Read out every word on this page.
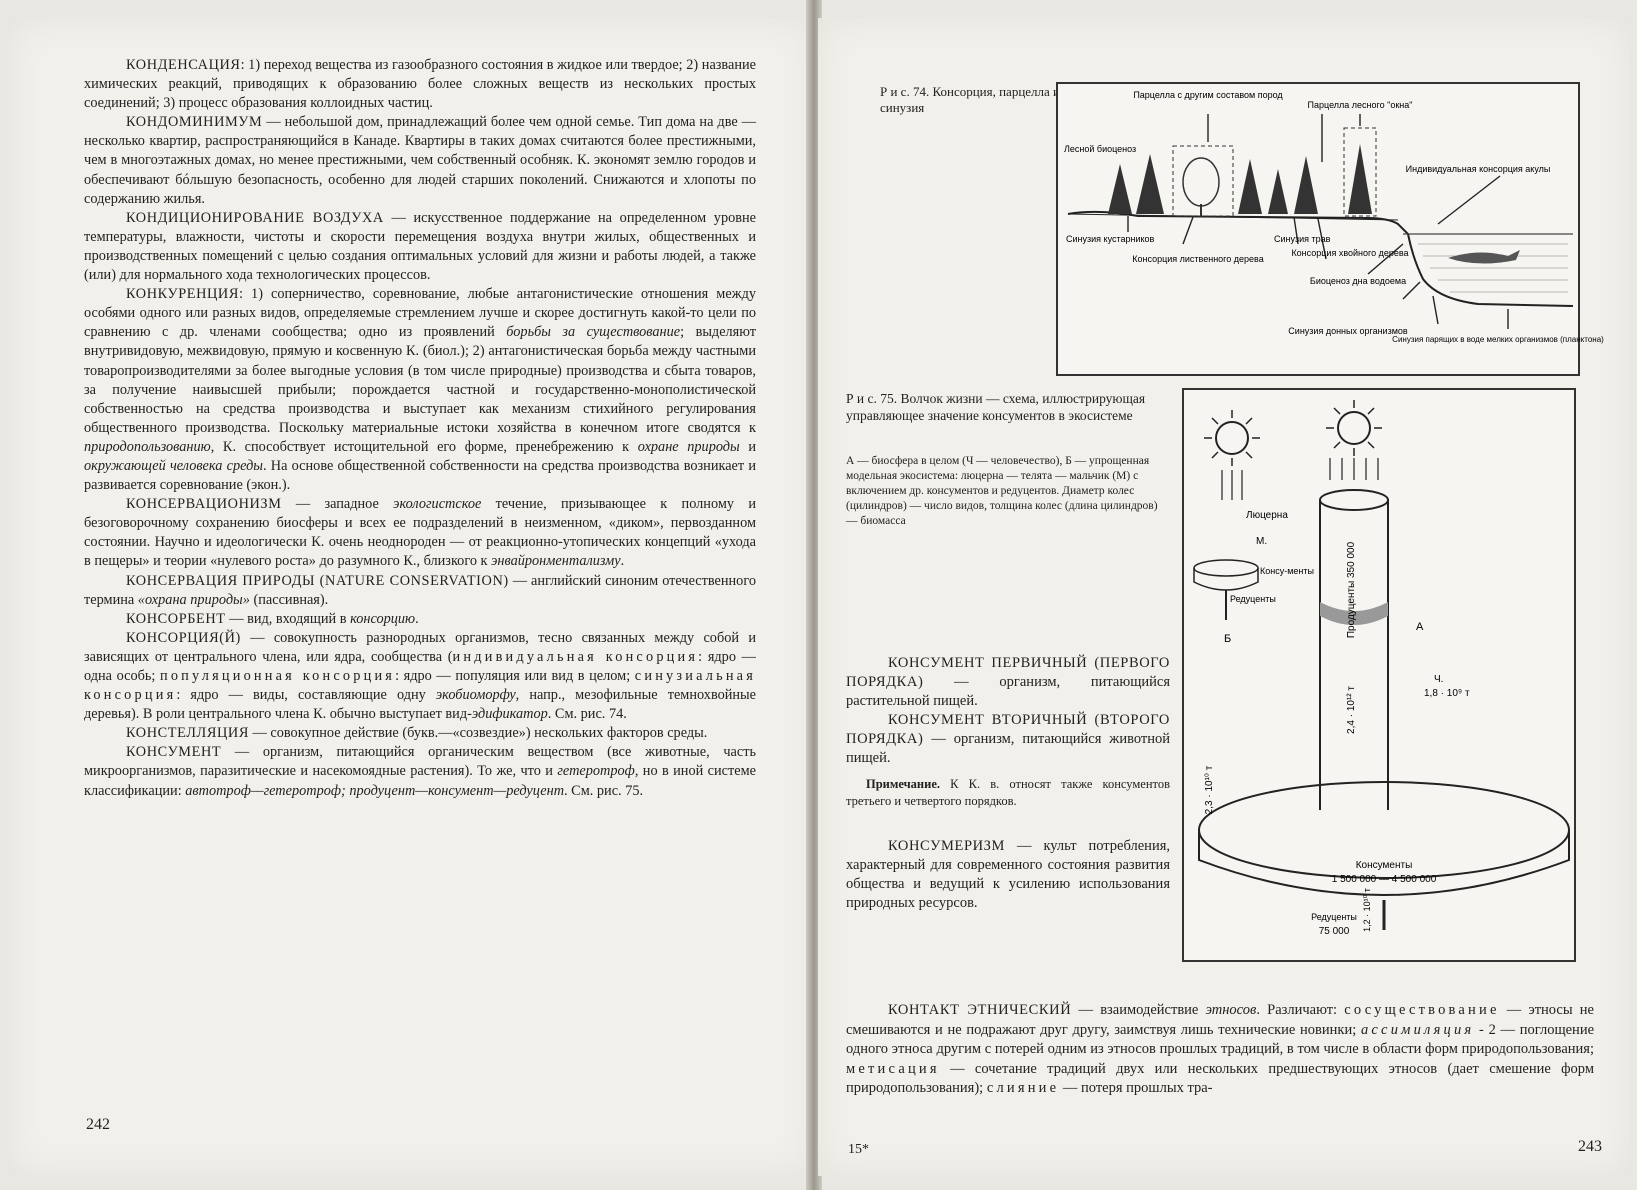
КОНДЕНСАЦИЯ: 1) переход вещества из газообразного состояния в жидкое или твердое; 2) название химических реакций, приводящих к образованию более сложных веществ из нескольких простых соединений; 3) процесс образования коллоидных частиц.

КОНДОМИНИМУМ — небольшой дом, принадлежащий более чем одной семье. Тип дома на две — несколько квартир, распространяющийся в Канаде. Квартиры в таких домах считаются более престижными, чем в многоэтажных домах, но менее престижными, чем собственный особняк. К. экономят землю городов и обеспечивают бóльшую безопасность, особенно для людей старших поколений. Снижаются и хлопоты по содержанию жилья.

КОНДИЦИОНИРОВАНИЕ ВОЗДУХА — искусственное поддержание на определенном уровне температуры, влажности, чистоты и скорости перемещения воздуха внутри жилых, общественных и производственных помещений с целью создания оптимальных условий для жизни и работы людей, а также (или) для нормального хода технологических процессов.

КОНКУРЕНЦИЯ: 1) соперничество, соревнование, любые антагонистические отношения между особями одного или разных видов, определяемые стремлением лучше и скорее достигнуть какой-то цели по сравнению с др. членами сообщества; одно из проявлений борьбы за существование; выделяют внутривидовую, межвидовую, прямую и косвенную К. (биол.); 2) антагонистическая борьба между частными товаропроизводителями за более выгодные условия (в том числе природные) производства и сбыта товаров, за получение наивысшей прибыли; порождается частной и государственно-монополистической собственностью на средства производства и выступает как механизм стихийного регулирования общественного производства. Поскольку материальные истоки хозяйства в конечном итоге сводятся к природопользованию, К. способствует истощительной его форме, пренебрежению к охране природы и окружающей человека среды. На основе общественной собственности на средства производства возникает и развивается соревнование (экон.).

КОНСЕРВАЦИОНИЗМ — западное экологистское течение, призывающее к полному и безоговорочному сохранению биосферы и всех ее подразделений в неизменном, «диком», первозданном состоянии. Научно и идеологически К. очень неоднороден — от реакционно-утопических концепций «ухода в пещеры» и теории «нулевого роста» до разумного К., близкого к энвайронментализму.

КОНСЕРВАЦИЯ ПРИРОДЫ (NATURE CONSERVATION) — английский синоним отечественного термина «охрана природы» (пассивная).

КОНСОРБЕНТ — вид, входящий в консорцию.

КОНСОРЦИЯ(Й) — совокупность разнородных организмов, тесно связанных между собой и зависящих от центрального члена, или ядра, сообщества (индивидуальная консорция: ядро — одна особь; популяционная консорция: ядро — популяция или вид в целом; синузиальная консорция: ядро — виды, составляющие одну экобиоморфу, напр., мезофильные темнохвойные деревья). В роли центрального члена К. обычно выступает вид-эдификатор. См. рис. 74.

КОНСТЕЛЛЯЦИЯ — совокупное действие (букв.—«созвездие») нескольких факторов среды.

КОНСУМЕНТ — организм, питающийся органическим веществом (все животные, часть микроорганизмов, паразитические и насекомоядные растения). То же, что и гетеротроф, но в иной системе классификации: автотроф—гетеротроф; продуцент—консумент—редуцент. См. рис. 75.

242
Р и с. 74. Консорция, парцелла и синузия
Парцелла с другим составом пород
Парцелла лесного "окна"
Лесной биоценоз
Индивидуальная консорция акулы
Синузия кустарников	Синузия трав
Консорция хвойного дерева
Консорция лиственного дерева
Биоценоз дна водоема
Синузия донных организмов
Синузия парящих в воде мелких организмов (планктона)
Р и с. 75. Волчок жизни — схема, иллюстрирующая управляющее значение консументов в экосистеме
А — биосфера в целом (Ч — человечество), Б — упрощенная модельная экосистема: люцерна — телята — мальчик (М) с включением др. консументов и редуцентов. Диаметр колес (цилиндров) — число видов, толщина колес (длина цилиндров) — биомасса	Люцерна
М.
Консу-менты
Редуценты
Б
А
Продуценты 350 000
2,4 · 10¹² т
Ч.
1,8 · 10⁹ т
2,3 · 10¹⁰ т
Консументы
1 500 000 — 4 500 000
Редуценты
75 000 1,2 · 10¹⁰ т

КОНСУМЕНТ ПЕРВИЧНЫЙ (ПЕРВОГО ПОРЯДКА) — организм, питающийся растительной пищей.

КОНСУМЕНТ ВТОРИЧНЫЙ (ВТОРОГО ПОРЯДКА) — организм, питающийся животной пищей.

Примечание. К К. в. относят также консументов третьего и четвертого порядков.

КОНСУМЕРИЗМ — культ потребления, характерный для современного состояния развития общества и ведущий к усилению использования природных ресурсов.

КОНТАКТ ЭТНИЧЕСКИЙ — взаимодействие этносов. Различают: сосуществование — этносы не смешиваются и не подражают друг другу, заимствуя лишь технические новинки; ассимиляция - 2 — поглощение одного этноса другим с потерей одним из этносов прошлых традиций, в том числе в области форм природопользования; метисация — сочетание традиций двух или нескольких предшествующих этносов (дает смешение форм природопользования); слияние — потеря прошлых тра-

15*	243
